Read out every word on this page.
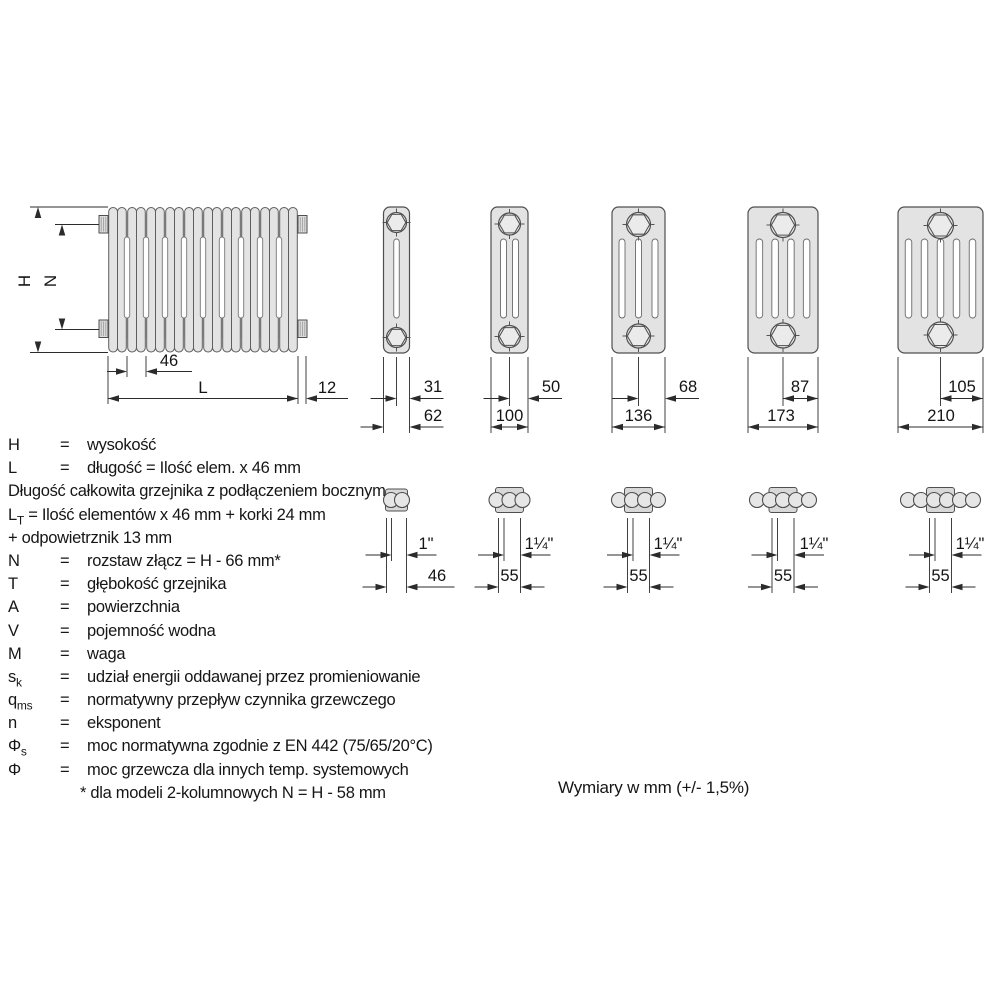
H N
46
L	12	31
62
50
100
68
136
87
173
105
210
1"
46
1¼"
55
1¼"
55
1¼"
55
1¼"
55
H = wysokość
L	= długość = Ilość elem. x 46 mm
Długość całkowita grzejnika z podłączeniem bocznym
$L_T$ = Ilość elementów x 46 mm + korki 24 mm
+ odpowietrznik 13 mm
N = rozstaw złącz = H - 66 mm*
T	= głębokość grzejnika
A	= powierzchnia
V	= pojemność wodna
M = waga
$s_k$ = udział energii oddawanej przez promieniowanie
$q_{ms}$ = normatywny przepływ czynnika grzewczego
n	= eksponent
$\Phi_s$ = moc normatywna zgodnie z EN 442 (75/65/20°C)
Φ = moc grzewcza dla innych temp. systemowych
* dla modeli 2-kolumnowych N = H - 58 mm	Wymiary w mm (+/- 1,5%)
